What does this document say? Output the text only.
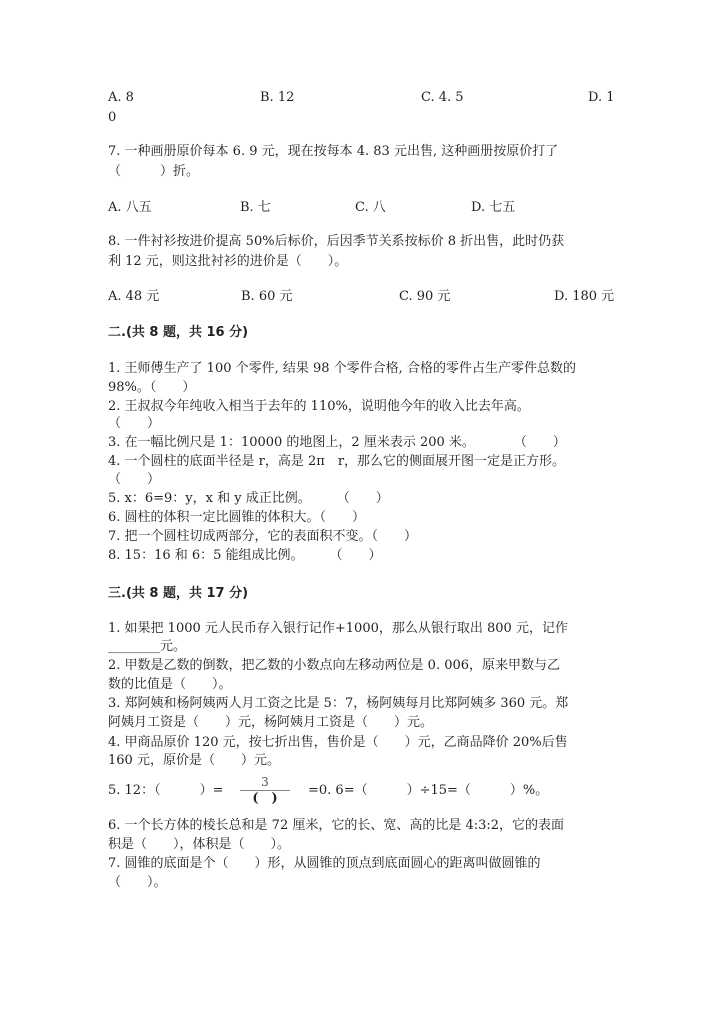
A. 8	B. 12	C. 4. 5	D. 1
0
7. 一种画册原价每本 6. 9 元，现在按每本 4. 83 元出售, 这种画册按原价打了
（　　　）折。
A. 八五	B. 七	C. 八	D. 七五
8. 一件衬衫按进价提高 50%后标价，后因季节关系按标价 8 折出售，此时仍获
利 12 元，则这批衬衫的进价是（　　）。
A. 48 元	B. 60 元	C. 90 元	D. 180 元
二.(共 8 题，共 16 分)
1. 王师傅生产了 100 个零件, 结果 98 个零件合格, 合格的零件占生产零件总数的
98%。（　　）
2. 王叔叔今年纯收入相当于去年的 110%，说明他今年的收入比去年高。
（　　）
3. 在一幅比例尺是 1：10000 的地图上，2 厘米表示 200 米。　　　　（　　）
4. 一个圆柱的底面半径是 r，高是 2π　r，那么它的侧面展开图一定是正方形。
（　　）
5. x：6=9：y，x 和 y 成正比例。　　　（　　）
6. 圆柱的体积一定比圆锥的体积大。（　　）
7. 把一个圆柱切成两部分，它的表面积不变。（　　）
8. 15：16 和 6：5 能组成比例。　　　（　　）
三.(共 8 题，共 17 分)
1. 如果把 1000 元人民币存入银行记作+1000，那么从银行取出 800 元，记作
________元。
2. 甲数是乙数的倒数，把乙数的小数点向左移动两位是 0. 006，原来甲数与乙
数的比值是（　　）。
3. 郑阿姨和杨阿姨两人月工资之比是 5：7，杨阿姨每月比郑阿姨多 360 元。郑
阿姨月工资是（　　）元，杨阿姨月工资是（　　）元。
4. 甲商品原价 120 元，按七折出售，售价是（　　）元，乙商品降价 20%后售
160 元，原价是（　　）元。
5. 12：（　　　）=	=0. 6=（　　　）÷15=（　　　）%。
6. 一个长方体的棱长总和是 72 厘米，它的长、宽、高的比是 4:3:2，它的表面
积是（　　），体积是（　　）。
7. 圆锥的底面是个（　　）形，从圆锥的顶点到底面圆心的距离叫做圆锥的
（　　）。
3
(　)
